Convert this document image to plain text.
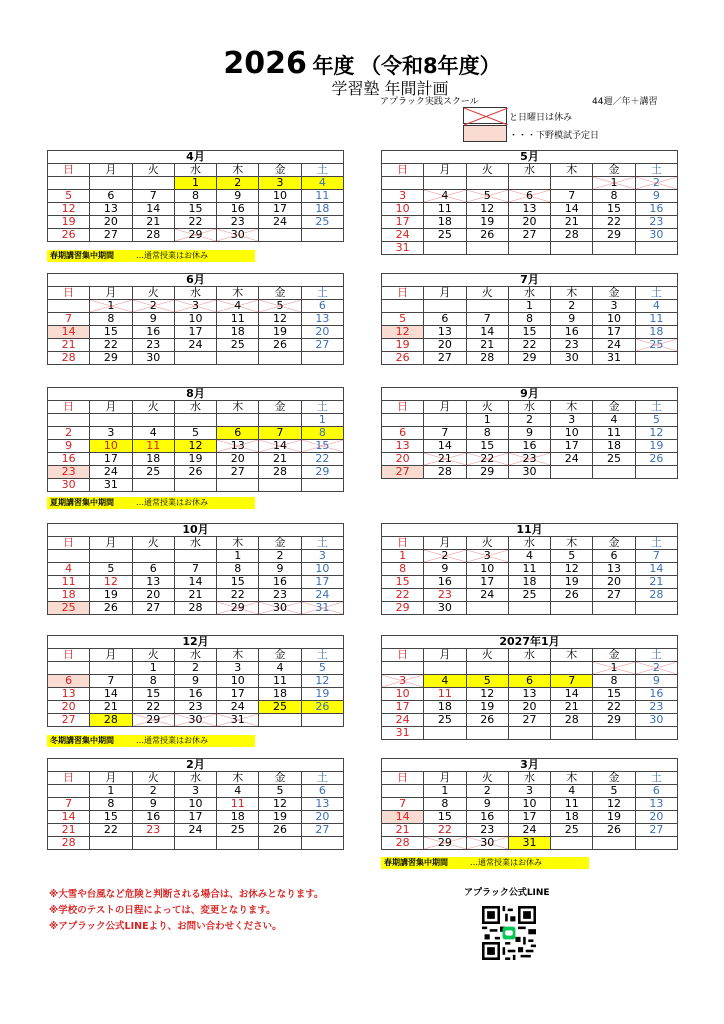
2026 年度 （令和8年度）
学習塾 年間計画
アプラック実践スクール	44週／年＋講習
と日曜日は休み
・・・下野模試予定日
4月						
日	月	火	水	木	金	土
			1	2	3	4
5	6	7	8	9	10	11
12	13	14	15	16	17	18
19	20	21	22	23	24	25
26	27	28	29	30		
5月						
日	月	火	水	木	金	土
					1	2
3	4	5	6	7	8	9
10	11	12	13	14	15	16
17	18	19	20	21	22	23
24	25	26	27	28	29	30
31						
6月						
日	月	火	水	木	金	土
	1	2	3	4	5	6
7	8	9	10	11	12	13
14	15	16	17	18	19	20
21	22	23	24	25	26	27
28	29	30				
7月						
日	月	火	水	木	金	土
			1	2	3	4
5	6	7	8	9	10	11
12	13	14	15	16	17	18
19	20	21	22	23	24	25
26	27	28	29	30	31	
8月						
日	月	火	水	木	金	土
						1
2	3	4	5	6	7	8
9	10	11	12	13	14	15
16	17	18	19	20	21	22
23	24	25	26	27	28	29
30	31					
9月						
日	月	火	水	木	金	土
		1	2	3	4	5
6	7	8	9	10	11	12
13	14	15	16	17	18	19
20	21	22	23	24	25	26
27	28	29	30			
10月						
日	月	火	水	木	金	土
				1	2	3
4	5	6	7	8	9	10
11	12	13	14	15	16	17
18	19	20	21	22	23	24
25	26	27	28	29	30	31
11月						
日	月	火	水	木	金	土
1	2	3	4	5	6	7
8	9	10	11	12	13	14
15	16	17	18	19	20	21
22	23	24	25	26	27	28
29	30					
12月						
日	月	火	水	木	金	土
		1	2	3	4	5
6	7	8	9	10	11	12
13	14	15	16	17	18	19
20	21	22	23	24	25	26
27	28	29	30	31		
2027年1月						
日	月	火	水	木	金	土
					1	2
3	4	5	6	7	8	9
10	11	12	13	14	15	16
17	18	19	20	21	22	23
24	25	26	27	28	29	30
31						
2月						
日	月	火	水	木	金	土
	1	2	3	4	5	6
7	8	9	10	11	12	13
14	15	16	17	18	19	20
21	22	23	24	25	26	27
28						
3月						
日	月	火	水	木	金	土
	1	2	3	4	5	6
7	8	9	10	11	12	13
14	15	16	17	18	19	20
21	22	23	24	25	26	27
28	29	30	31			
春期講習集中期間	…通常授業はお休み
夏期講習集中期間	…通常授業はお休み
冬期講習集中期間	…通常授業はお休み
春期講習集中期間	…通常授業はお休み
※大雪や台風など危険と判断される場合は、お休みとなります。
※学校のテストの日程によっては、変更となります。
※アプラック公式LINEより、お問い合わせください。
アプラック公式LINE
